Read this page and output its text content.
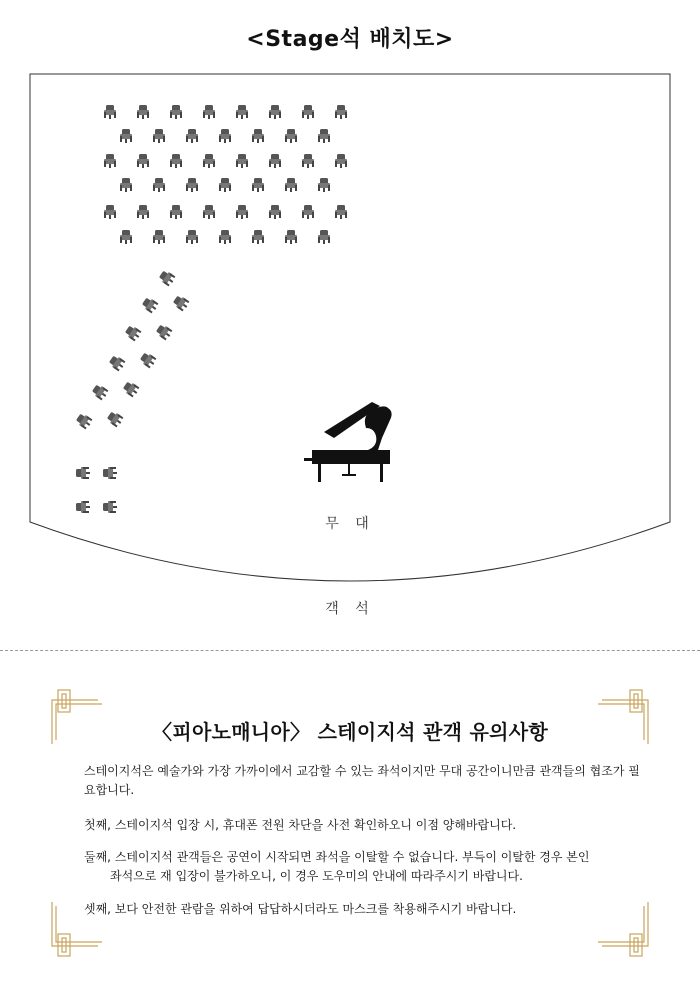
<Stage석 배치도>
무 대
객 석
〈피아노매니아〉 스테이지석 관객 유의사항
스테이지석은 예술가와 가장 가까이에서 교감할 수 있는 좌석이지만 무대 공간이니만큼 관객들의 협조가 필요합니다.
첫째, 스테이지석 입장 시, 휴대폰 전원 차단을 사전 확인하오니 이점 양해바랍니다.
둘째, 스테이지석 관객들은 공연이 시작되면 좌석을 이탈할 수 없습니다. 부득이 이탈한 경우 본인
좌석으로 재 입장이 불가하오니, 이 경우 도우미의 안내에 따라주시기 바랍니다.
셋째, 보다 안전한 관람을 위하여 답답하시더라도 마스크를 착용해주시기 바랍니다.
